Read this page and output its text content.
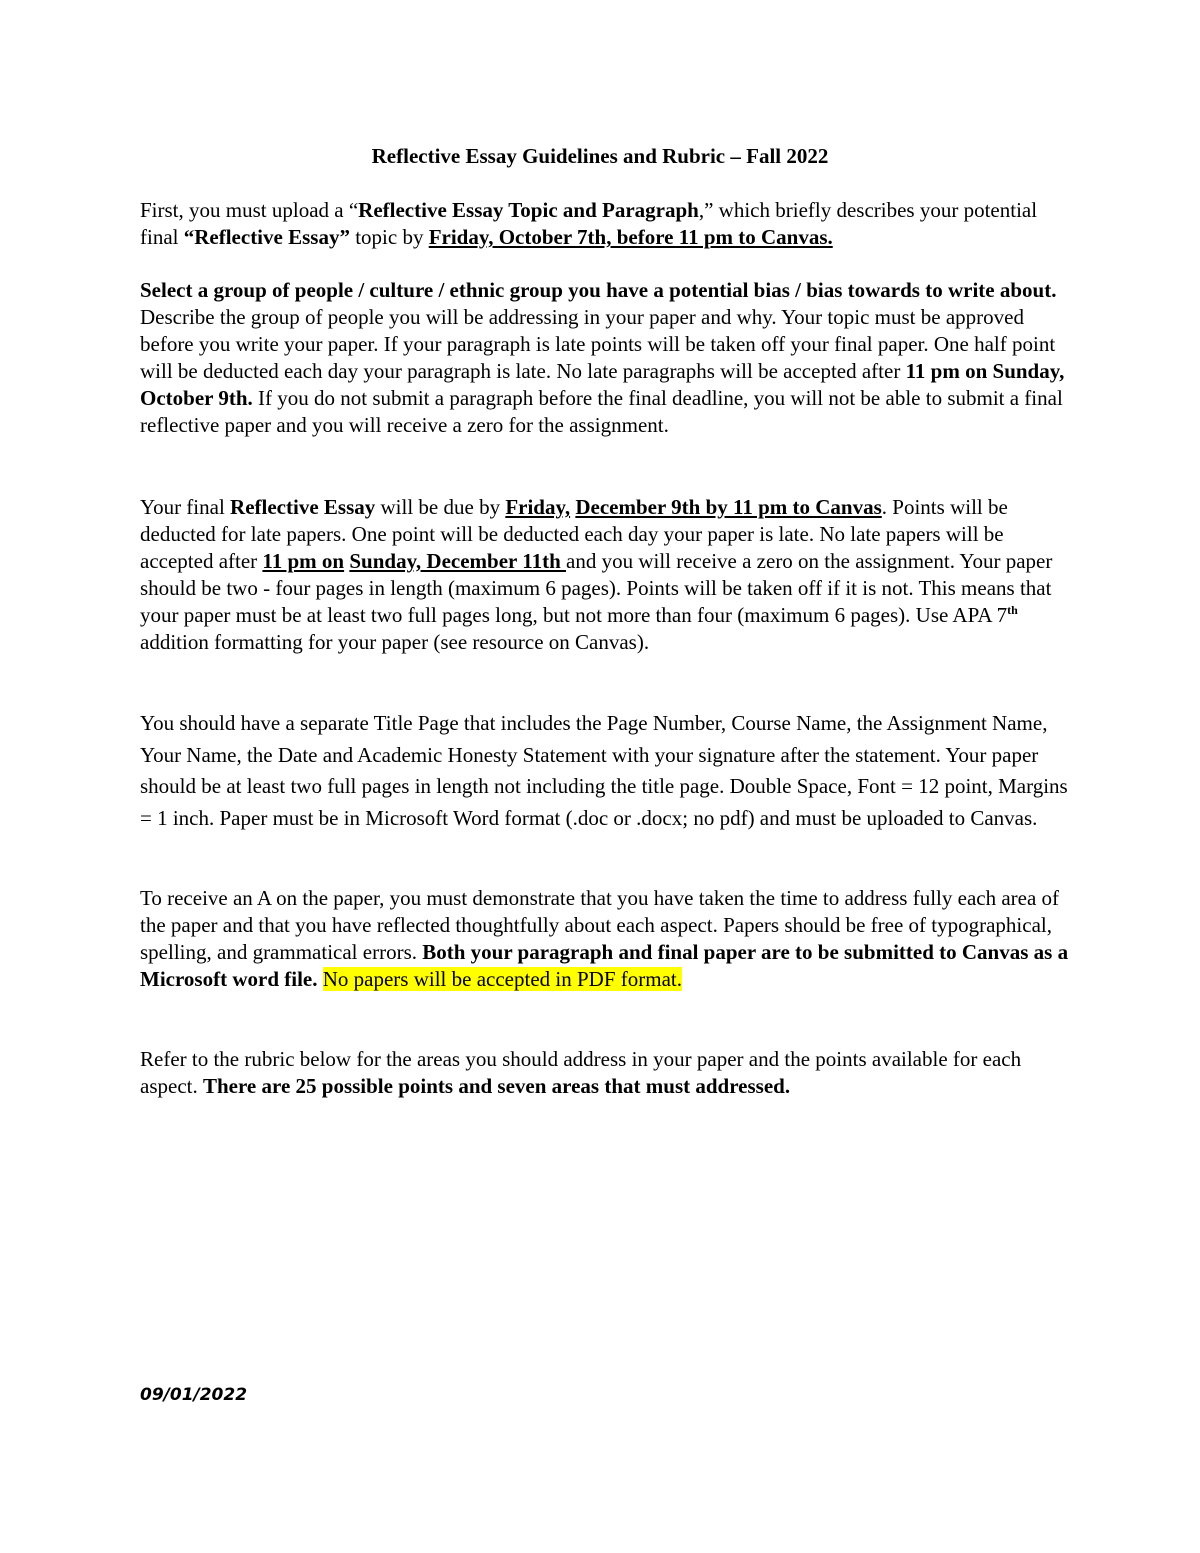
Reflective Essay Guidelines and Rubric – Fall 2022

First, you must upload a “Reflective Essay Topic and Paragraph,” which briefly describes your potential final “Reflective Essay” topic by Friday, October 7th, before 11 pm to Canvas.

Select a group of people / culture / ethnic group you have a potential bias / bias towards to write about. Describe the group of people you will be addressing in your paper and why. Your topic must be approved before you write your paper. If your paragraph is late points will be taken off your final paper. One half point will be deducted each day your paragraph is late. No late paragraphs will be accepted after 11 pm on Sunday, October 9th. If you do not submit a paragraph before the final deadline, you will not be able to submit a final reflective paper and you will receive a zero for the assignment.

Your final Reflective Essay will be due by Friday, December 9th by 11 pm to Canvas. Points will be deducted for late papers. One point will be deducted each day your paper is late. No late papers will be accepted after 11 pm on Sunday, December 11th and you will receive a zero on the assignment. Your paper should be two - four pages in length (maximum 6 pages). Points will be taken off if it is not. This means that your paper must be at least two full pages long, but not more than four (maximum 6 pages). Use APA 7th addition formatting for your paper (see resource on Canvas).

You should have a separate Title Page that includes the Page Number, Course Name, the Assignment Name, Your Name, the Date and Academic Honesty Statement with your signature after the statement. Your paper should be at least two full pages in length not including the title page. Double Space, Font = 12 point, Margins = 1 inch. Paper must be in Microsoft Word format (.doc or .docx; no pdf) and must be uploaded to Canvas.

To receive an A on the paper, you must demonstrate that you have taken the time to address fully each area of the paper and that you have reflected thoughtfully about each aspect. Papers should be free of typographical, spelling, and grammatical errors. Both your paragraph and final paper are to be submitted to Canvas as a Microsoft word file. No papers will be accepted in PDF format.

Refer to the rubric below for the areas you should address in your paper and the points available for each aspect. There are 25 possible points and seven areas that must addressed.

09/01/2022
